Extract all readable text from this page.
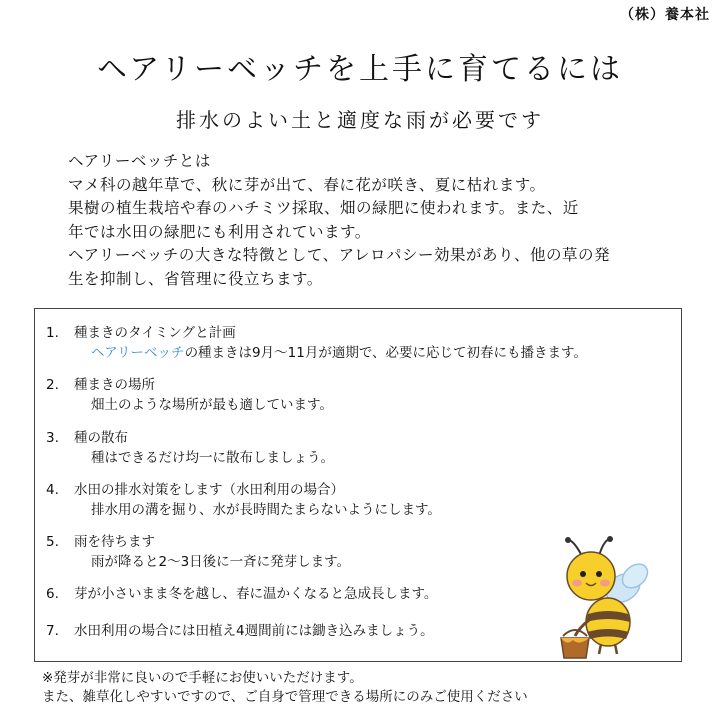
（株）養本社
ヘアリーベッチを上手に育てるには
排水のよい土と適度な雨が必要です
ヘアリーベッチとは
マメ科の越年草で、秋に芽が出て、春に花が咲き、夏に枯れます。
果樹の植生栽培や春のハチミツ採取、畑の緑肥に使われます。また、近
年では水田の緑肥にも利用されています。
ヘアリーベッチの大きな特徴として、アレロパシー効果があり、他の草の発
生を抑制し、省管理に役立ちます。
1.	種まきのタイミングと計画
ヘアリーベッチの種まきは9月～11月が適期で、必要に応じて初春にも播きます。
2.	種まきの場所
畑土のような場所が最も適しています。
3.	種の散布
種はできるだけ均一に散布しましょう。
4.	水田の排水対策をします（水田利用の場合）
排水用の溝を掘り、水が長時間たまらないようにします。
5.	雨を待ちます
雨が降ると2～3日後に一斉に発芽します。
6.	芽が小さいまま冬を越し、春に温かくなると急成長します。
7.	水田利用の場合には田植え4週間前には鋤き込みましょう。
※発芽が非常に良いので手軽にお使いいただけます。
また、雑草化しやすいですので、ご自身で管理できる場所にのみご使用ください
